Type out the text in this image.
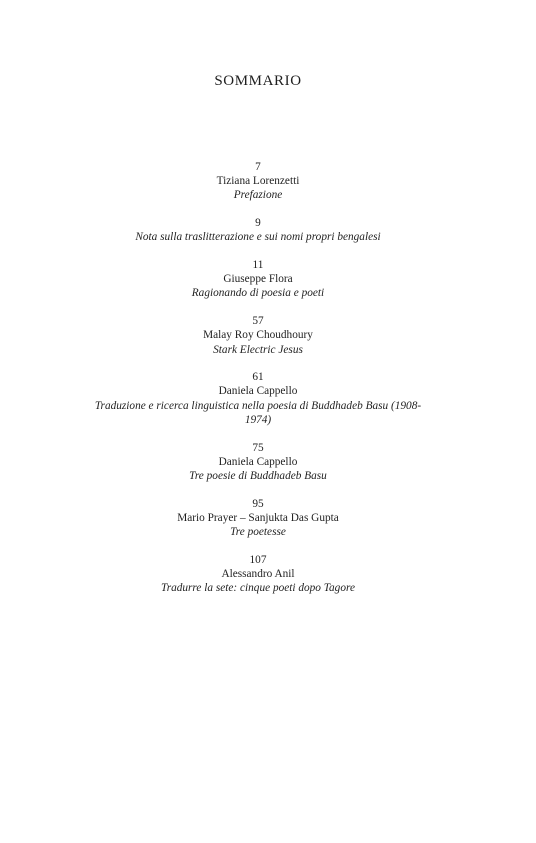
SOMMARIO
7
Tiziana Lorenzetti
Prefazione
9
Nota sulla traslitterazione e sui nomi propri bengalesi
11
Giuseppe Flora
Ragionando di poesia e poeti
57
Malay Roy Choudhoury
Stark Electric Jesus
61
Daniela Cappello
Traduzione e ricerca linguistica nella poesia di Buddhadeb Basu (1908-1974)
75
Daniela Cappello
Tre poesie di Buddhadeb Basu
95
Mario Prayer – Sanjukta Das Gupta
Tre poetesse
107
Alessandro Anil
Tradurre la sete: cinque poeti dopo Tagore
